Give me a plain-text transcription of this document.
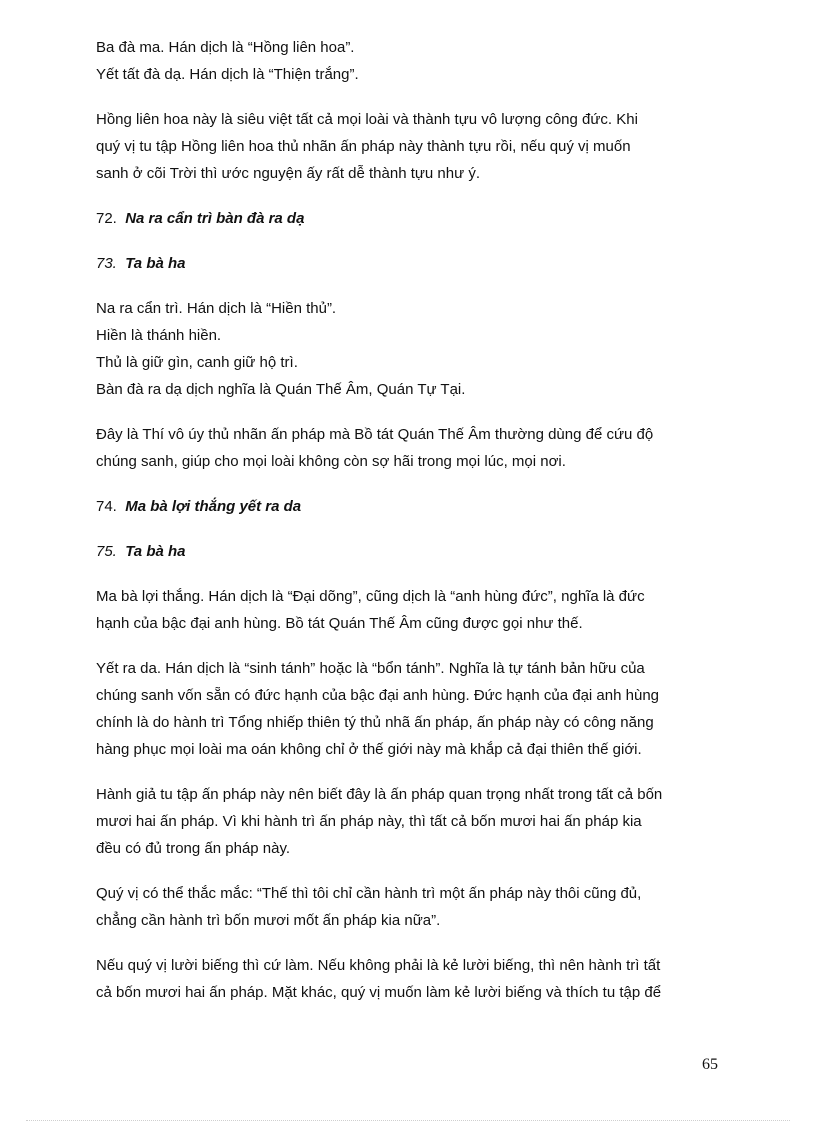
Ba đà ma. Hán dịch là “Hồng liên hoa”.
Yết tất đà dạ. Hán dịch là “Thiện trắng”.

Hồng liên hoa này là siêu việt tất cả mọi loài và thành tựu vô lượng công đức. Khi
quý vị tu tập Hồng liên hoa thủ nhãn ấn pháp này thành tựu rồi, nếu quý vị muốn
sanh ở cõi Trời thì ước nguyện ấy rất dễ thành tựu như ý.

72. Na ra cẩn trì bàn đà ra dạ

73. Ta bà ha

Na ra cẩn trì. Hán dịch là “Hiền thủ”.
Hiền là thánh hiền.
Thủ là giữ gìn, canh giữ hộ trì.
Bàn đà ra dạ dịch nghĩa là Quán Thế Âm, Quán Tự Tại.

Đây là Thí vô úy thủ nhãn ấn pháp mà Bồ tát Quán Thế Âm thường dùng để cứu độ
chúng sanh, giúp cho mọi loài không còn sợ hãi trong mọi lúc, mọi nơi.

74. Ma bà lợi thắng yết ra da

75. Ta bà ha

Ma bà lợi thắng. Hán dịch là “Đại dõng”, cũng dịch là “anh hùng đức”, nghĩa là đức
hạnh của bậc đại anh hùng. Bồ tát Quán Thế Âm cũng được gọi như thế.

Yết ra da. Hán dịch là “sinh tánh” hoặc là “bổn tánh”. Nghĩa là tự tánh bản hữu của
chúng sanh vốn sẵn có đức hạnh của bậc đại anh hùng. Đức hạnh của đại anh hùng
chính là do hành trì Tổng nhiếp thiên tý thủ nhã ấn pháp, ấn pháp này có công năng
hàng phục mọi loài ma oán không chỉ ở thế giới này mà khắp cả đại thiên thế giới.

Hành giả tu tập ấn pháp này nên biết đây là ấn pháp quan trọng nhất trong tất cả bốn
mươi hai ấn pháp. Vì khi hành trì ấn pháp này, thì tất cả bốn mươi hai ấn pháp kia
đều có đủ trong ấn pháp này.

Quý vị có thể thắc mắc: “Thế thì tôi chỉ cần hành trì một ấn pháp này thôi cũng đủ,
chẳng cần hành trì bốn mươi mốt ấn pháp kia nữa”.

Nếu quý vị lười biếng thì cứ làm. Nếu không phải là kẻ lười biếng, thì nên hành trì tất
cả bốn mươi hai ấn pháp. Mặt khác, quý vị muốn làm kẻ lười biếng và thích tu tập để

65
